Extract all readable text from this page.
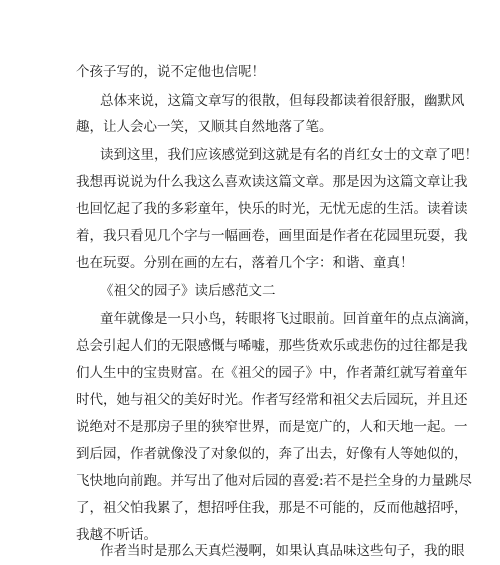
个孩子写的，说不定他也信呢！

总体来说，这篇文章写的很散，但每段都读着很舒服，幽默风

趣，让人会心一笑，又顺其自然地落了笔。

读到这里，我们应该感觉到这就是有名的肖红女士的文章了吧！

我想再说说为什么我这么喜欢读这篇文章。那是因为这篇文章让我

也回忆起了我的多彩童年，快乐的时光，无忧无虑的生活。读着读

着，我只看见几个字与一幅画卷，画里面是作者在花园里玩耍，我

也在玩耍。分别在画的左右，落着几个字：和谐、童真！

《祖父的园子》读后感范文二

童年就像是一只小鸟，转眼将飞过眼前。回首童年的点点滴滴，

总会引起人们的无限感慨与唏嘘，那些货欢乐或悲伤的过往都是我

们人生中的宝贵财富。在《祖父的园子》中，作者萧红就写着童年

时代，她与祖父的美好时光。作者写经常和祖父去后园玩，并且还

说绝对不是那房子里的狭窄世界，而是宽广的，人和天地一起。一

到后园，作者就像没了对象似的，奔了出去，好像有人等她似的，

飞快地向前跑。并写出了他对后园的喜爱:若不是拦全身的力量跳尽

了，祖父怕我累了，想招呼住我，那是不可能的，反而他越招呼，

我越不听话。

作者当时是那么天真烂漫啊，如果认真品味这些句子，我的眼
